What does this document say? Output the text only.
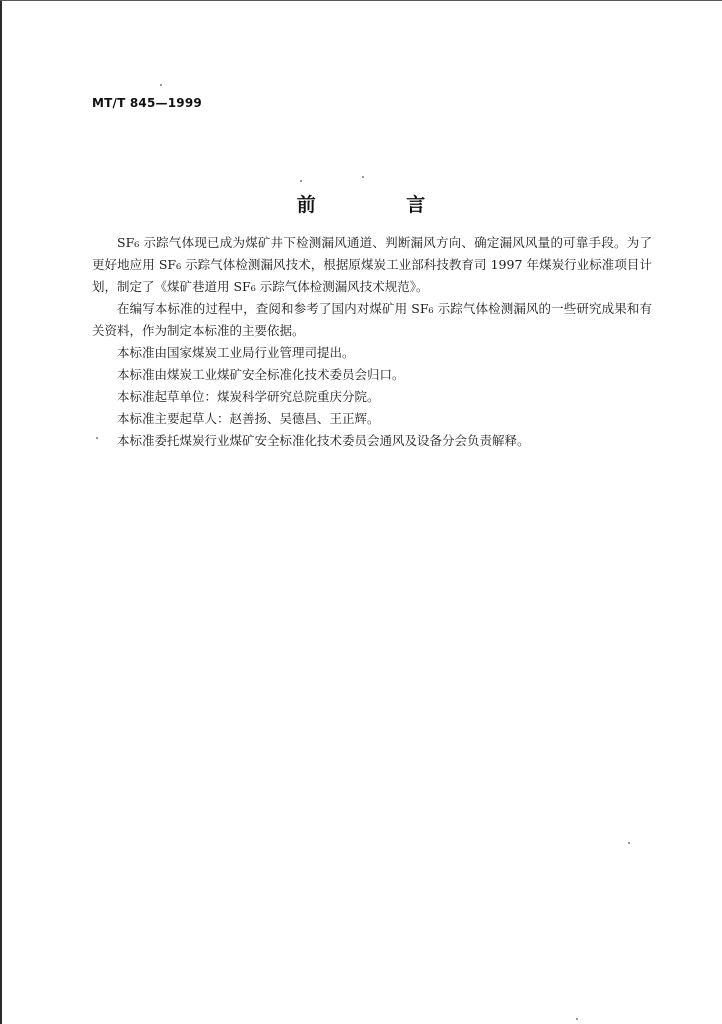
MT/T 845—1999
前 言

SF₆ 示踪气体现已成为煤矿井下检测漏风通道、判断漏风方向、确定漏风风量的可靠手段。为了更好地应用 SF₆ 示踪气体检测漏风技术，根据原煤炭工业部科技教育司 1997 年煤炭行业标准项目计划，制定了《煤矿巷道用 SF₆ 示踪气体检测漏风技术规范》。

在编写本标准的过程中，查阅和参考了国内对煤矿用 SF₆ 示踪气体检测漏风的一些研究成果和有关资料，作为制定本标准的主要依据。

本标准由国家煤炭工业局行业管理司提出。

本标准由煤炭工业煤矿安全标准化技术委员会归口。

本标准起草单位：煤炭科学研究总院重庆分院。

本标准主要起草人：赵善扬、吴德昌、王正辉。

本标准委托煤炭行业煤矿安全标准化技术委员会通风及设备分会负责解释。
